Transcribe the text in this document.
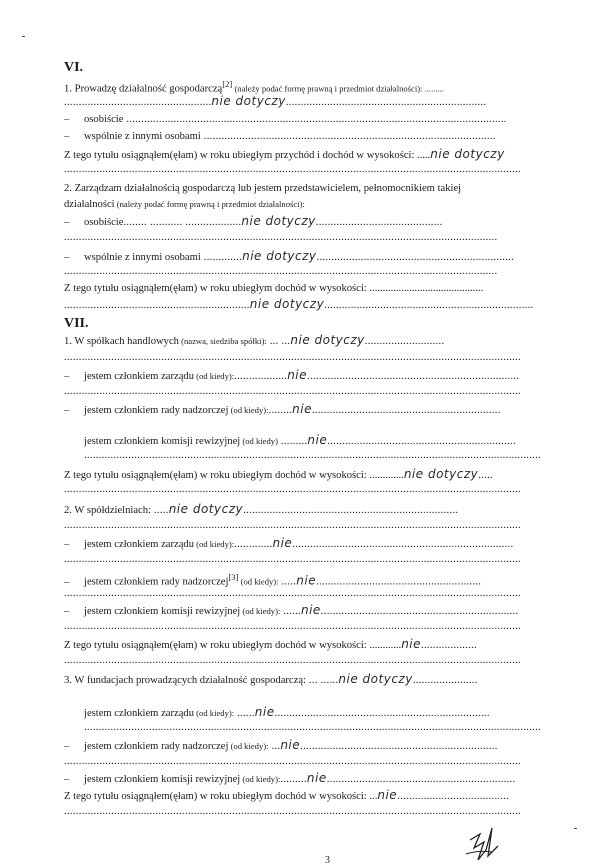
VI.
1. Prowadzę działalność gospodarczą[2] (należy podać formę prawną i przedmiot działalności): .........
..................................................nie dotyczy....................................................................
– osobiście .................................................................................................................................
– wspólnie z innymi osobami ...................................................................................................
Z tego tytułu osiągnąłem(ęłam) w roku ubiegłym przychód i dochód w wysokości: .....nie dotyczy
...........................................................................................................................................................
2. Zarządzam działalnością gospodarczą lub jestem przedstawicielem, pełnomocnikiem takiej
działalności (należy podać formę prawną i przedmiot działalności):
– osobiście........ ........... ...................nie dotyczy...........................................
...................................................................................................................................................
– wspólnie z innymi osobami .............nie dotyczy...................................................................
...................................................................................................................................................
Z tego tytułu osiągnąłem(ęłam) w roku ubiegłym dochód w wysokości: ...........................................
...............................................................nie dotyczy.......................................................................
VII.
1. W spółkach handlowych (nazwa, siedziba spółki): ... ...nie dotyczy...........................
...........................................................................................................................................................
– jestem członkiem zarządu (od kiedy):..................nie........................................................................
...........................................................................................................................................................
– jestem członkiem rady nadzorczej (od kiedy):........nie................................................................
jestem członkiem komisji rewizyjnej (od kiedy) .........nie................................................................
...........................................................................................................................................................
Z tego tytułu osiągnąłem(ęłam) w roku ubiegłym dochód w wysokości: .............nie dotyczy.....
...........................................................................................................................................................
2. W spółdzielniach: .....nie dotyczy.........................................................................
...........................................................................................................................................................
– jestem członkiem zarządu (od kiedy):.............nie...........................................................................
...........................................................................................................................................................
– jestem członkiem rady nadzorczej[3] (od kiedy): .....nie........................................................
...........................................................................................................................................................
– jestem członkiem komisji rewizyjnej (od kiedy): ......nie...................................................................
...........................................................................................................................................................
Z tego tytułu osiągnąłem(ęłam) w roku ubiegłym dochód w wysokości: ............nie...................
...........................................................................................................................................................
3. W fundacjach prowadzących działalność gospodarczą: ... ......nie dotyczy......................
jestem członkiem zarządu (od kiedy): ......nie.........................................................................
...........................................................................................................................................................
– jestem członkiem rady nadzorczej (od kiedy): ...nie...................................................................
...........................................................................................................................................................
– jestem członkiem komisji rewizyjnej (od kiedy):.........nie................................................................
Z tego tytułu osiągnąłem(ęłam) w roku ubiegłym dochód w wysokości: ...nie......................................
...........................................................................................................................................................
3
